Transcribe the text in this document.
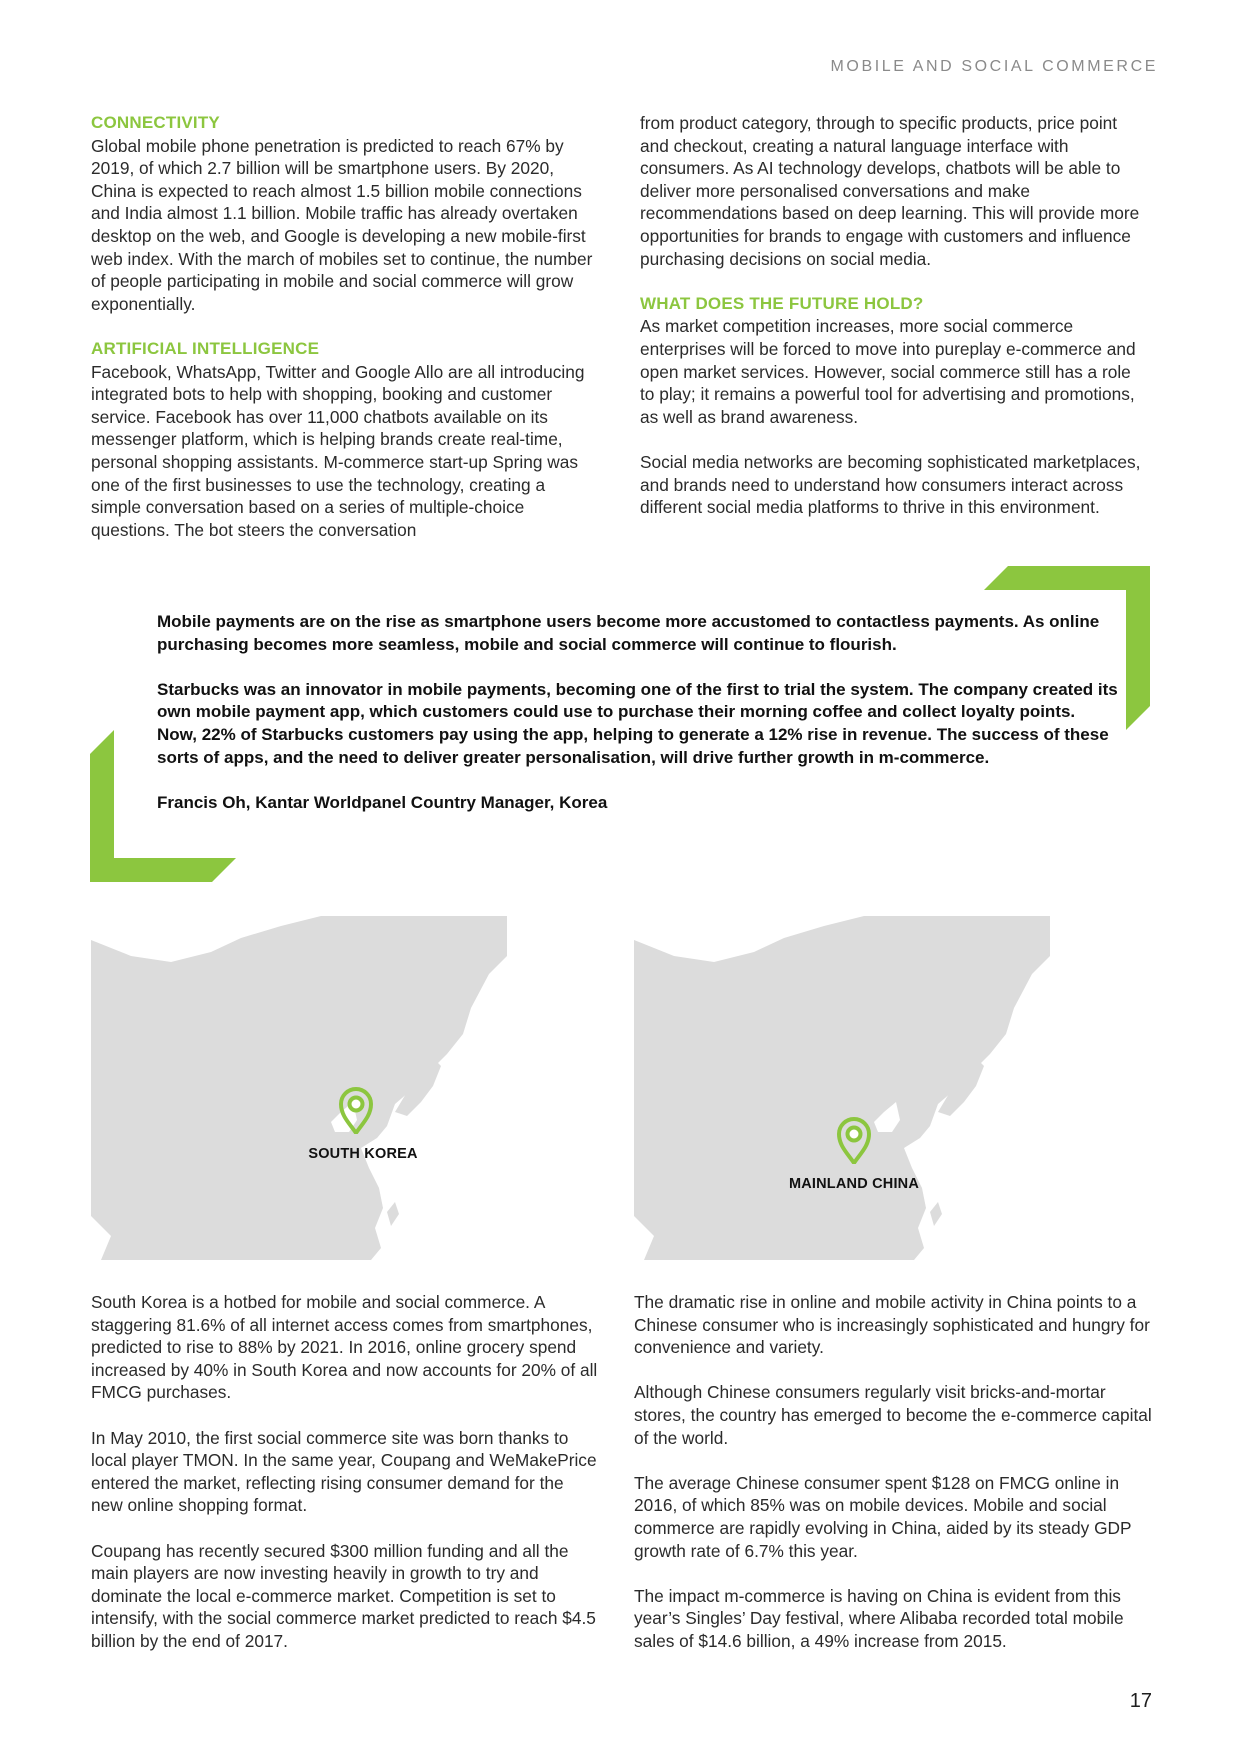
MOBILE AND SOCIAL COMMERCE
CONNECTIVITY

Global mobile phone penetration is predicted to reach 67% by 2019, of which 2.7 billion will be smartphone users. By 2020, China is expected to reach almost 1.5 billion mobile connections and India almost 1.1 billion. Mobile traffic has already overtaken desktop on the web, and Google is developing a new mobile-first web index. With the march of mobiles set to continue, the number of people participating in mobile and social commerce will grow exponentially.

ARTIFICIAL INTELLIGENCE

Facebook, WhatsApp, Twitter and Google Allo are all introducing integrated bots to help with shopping, booking and customer service. Facebook has over 11,000 chatbots available on its messenger platform, which is helping brands create real-time, personal shopping assistants. M-commerce start-up Spring was one of the first businesses to use the technology, creating a simple conversation based on a series of multiple-choice questions. The bot steers the conversation

from product category, through to specific products, price point and checkout, creating a natural language interface with consumers. As AI technology develops, chatbots will be able to deliver more personalised conversations and make recommendations based on deep learning. This will provide more opportunities for brands to engage with customers and influence purchasing decisions on social media.

WHAT DOES THE FUTURE HOLD?

As market competition increases, more social commerce enterprises will be forced to move into pureplay e-commerce and open market services. However, social commerce still has a role to play; it remains a powerful tool for advertising and promotions, as well as brand awareness.

Social media networks are becoming sophisticated marketplaces, and brands need to understand how consumers interact across different social media platforms to thrive in this environment.

Mobile payments are on the rise as smartphone users become more accustomed to contactless payments. As online purchasing becomes more seamless, mobile and social commerce will continue to flourish.

Starbucks was an innovator in mobile payments, becoming one of the first to trial the system. The company created its own mobile payment app, which customers could use to purchase their morning coffee and collect loyalty points. Now, 22% of Starbucks customers pay using the app, helping to generate a 12% rise in revenue. The success of these sorts of apps, and the need to deliver greater personalisation, will drive further growth in m-commerce.

Francis Oh, Kantar Worldpanel Country Manager, Korea

SOUTH KOREA
MAINLAND CHINA

South Korea is a hotbed for mobile and social commerce. A staggering 81.6% of all internet access comes from smartphones, predicted to rise to 88% by 2021. In 2016, online grocery spend increased by 40% in South Korea and now accounts for 20% of all FMCG purchases.

In May 2010, the first social commerce site was born thanks to local player TMON. In the same year, Coupang and WeMakePrice entered the market, reflecting rising consumer demand for the new online shopping format.

Coupang has recently secured $300 million funding and all the main players are now investing heavily in growth to try and dominate the local e-commerce market. Competition is set to intensify, with the social commerce market predicted to reach $4.5 billion by the end of 2017.

The dramatic rise in online and mobile activity in China points to a Chinese consumer who is increasingly sophisticated and hungry for convenience and variety.

Although Chinese consumers regularly visit bricks-and-mortar stores, the country has emerged to become the e-commerce capital of the world.

The average Chinese consumer spent $128 on FMCG online in 2016, of which 85% was on mobile devices. Mobile and social commerce are rapidly evolving in China, aided by its steady GDP growth rate of 6.7% this year.

The impact m-commerce is having on China is evident from this year’s Singles’ Day festival, where Alibaba recorded total mobile sales of $14.6 billion, a 49% increase from 2015.

17
